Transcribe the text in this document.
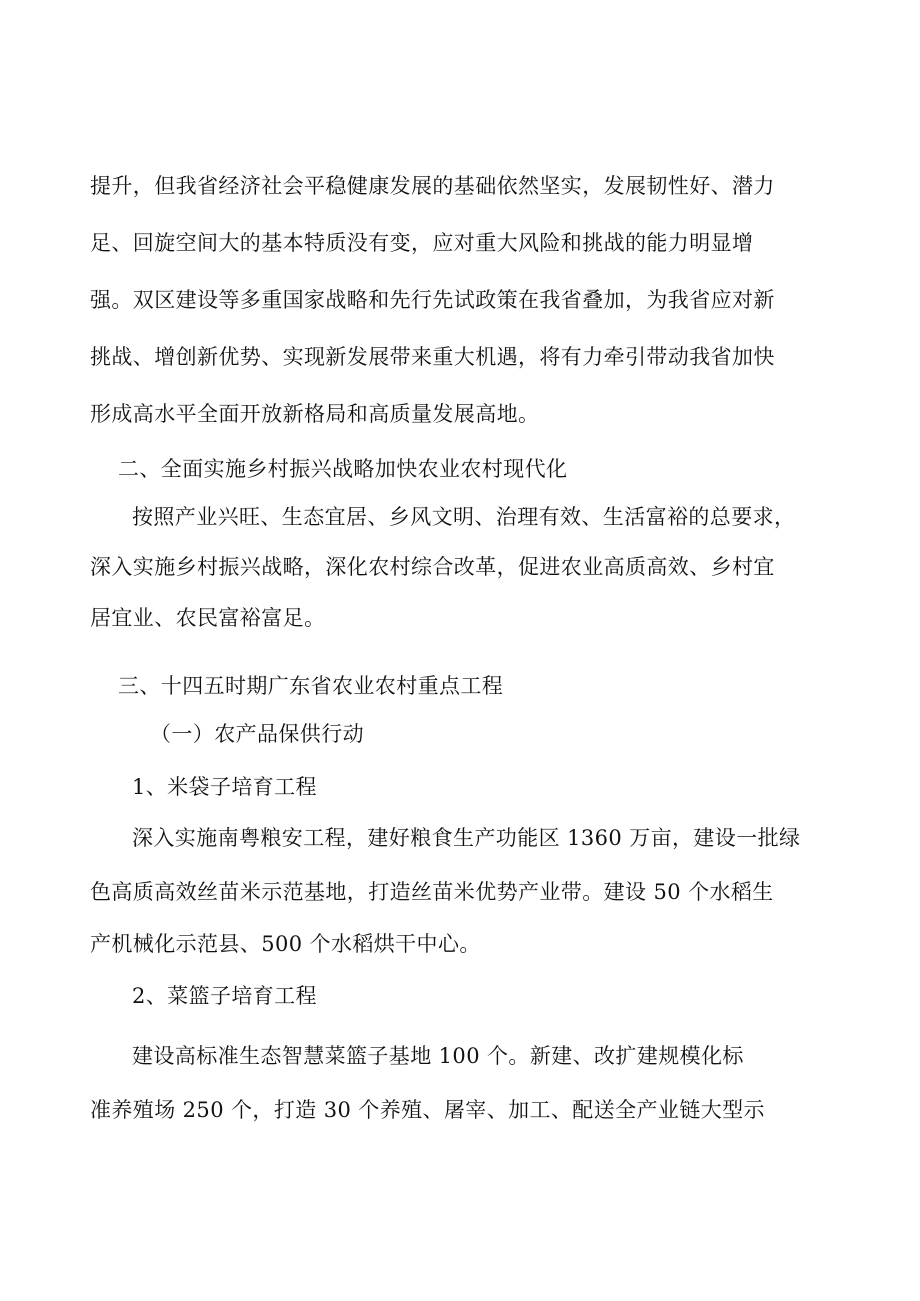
提升，但我省经济社会平稳健康发展的基础依然坚实，发展韧性好、潜力
足、回旋空间大的基本特质没有变，应对重大风险和挑战的能力明显增
强。双区建设等多重国家战略和先行先试政策在我省叠加，为我省应对新
挑战、增创新优势、实现新发展带来重大机遇，将有力牵引带动我省加快
形成高水平全面开放新格局和高质量发展高地。
二、全面实施乡村振兴战略加快农业农村现代化
按照产业兴旺、生态宜居、乡风文明、治理有效、生活富裕的总要求，
深入实施乡村振兴战略，深化农村综合改革，促进农业高质高效、乡村宜
居宜业、农民富裕富足。
三、十四五时期广东省农业农村重点工程
（一）农产品保供行动
1、米袋子培育工程
深入实施南粤粮安工程，建好粮食生产功能区 1360 万亩，建设一批绿
色高质高效丝苗米示范基地，打造丝苗米优势产业带。建设 50 个水稻生
产机械化示范县、500 个水稻烘干中心。
2、菜篮子培育工程
建设高标准生态智慧菜篮子基地 100 个。新建、改扩建规模化标
准养殖场 250 个，打造 30 个养殖、屠宰、加工、配送全产业链大型示
